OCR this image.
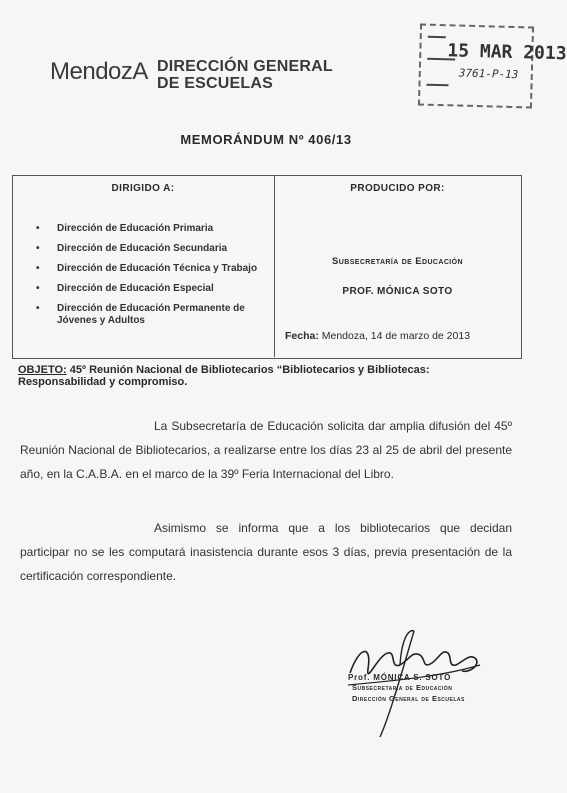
MendozA DIRECCIÓN GENERAL
DE ESCUELAS
15 MAR 2013
3761-P-13
MEMORÁNDUM Nº 406/13
DIRIGIDO A:	PRODUCIDO POR:
• Dirección de Educación Primaria
• Dirección de Educación Secundaria
• Dirección de Educación Técnica y Trabajo
• Dirección de Educación Especial
• Dirección de Educación Permanente de Jóvenes y Adultos
Subsecretaría de Educación
PROF. MÓNICA SOTO
Fecha: Mendoza, 14 de marzo de 2013
OBJETO: 45º Reunión Nacional de Bibliotecarios “Bibliotecarios y Bibliotecas: Responsabilidad y compromiso.
La Subsecretaría de Educación solicita dar amplia difusión del 45º Reunión Nacional de Bibliotecarios, a realizarse entre los días 23 al 25 de abril del presente año, en la C.A.B.A. en el marco de la 39º Feria Internacional del Libro.
Asimismo se informa que a los bibliotecarios que decidan participar no se les computará inasistencia durante esos 3 días, previa presentación de la certificación correspondiente.
Prof. MÓNICA S. SOTO
Subsecretaria de Educación
Dirección General de Escuelas
